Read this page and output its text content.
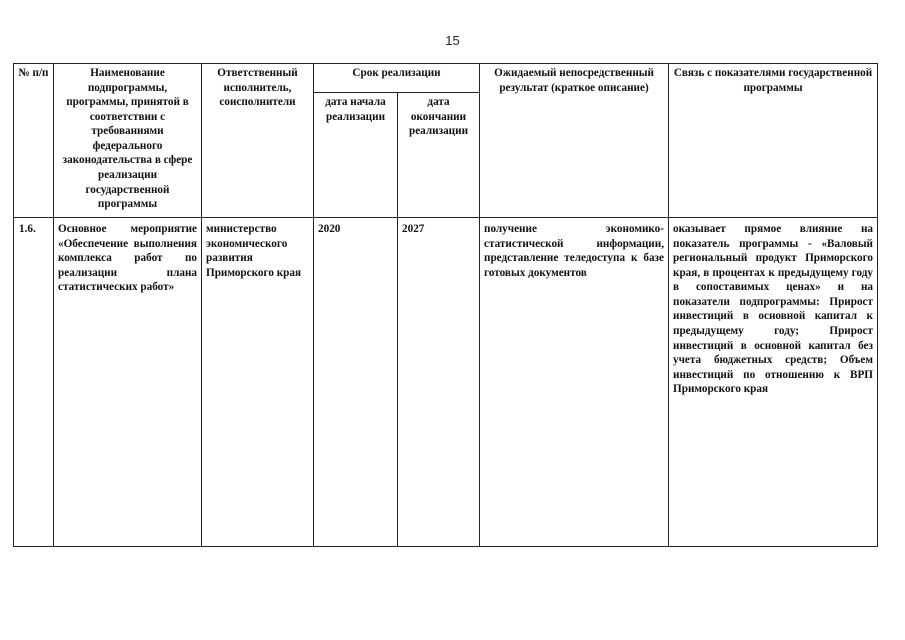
15
№ п/п	Наименование подпрограммы, программы, принятой в соответствии с требованиями федерального законодательства в сфере реализации государственной программы	Ответственный исполнитель, соисполнители	Срок реализации		Ожидаемый непосредственный результат (краткое описание)	Связь с показателями государственной программы
			дата начала реализации	дата окончании реализации		
1.6.	Основное мероприятие «Обеспечение выполнения комплекса работ по реализации плана статистических работ»	министерство экономического развития Приморского края	2020	2027	получение экономико-статистической информации, представление теледоступа к базе готовых документов	оказывает прямое влияние на показатель программы - «Валовый региональный продукт Приморского края, в процентах к предыдущему году в сопоставимых ценах» и на показатели подпрограммы: Прирост инвестиций в основной капитал к предыдущему году; Прирост инвестиций в основной капитал без учета бюджетных средств; Объем инвестиций по отношению к ВРП Приморского края
